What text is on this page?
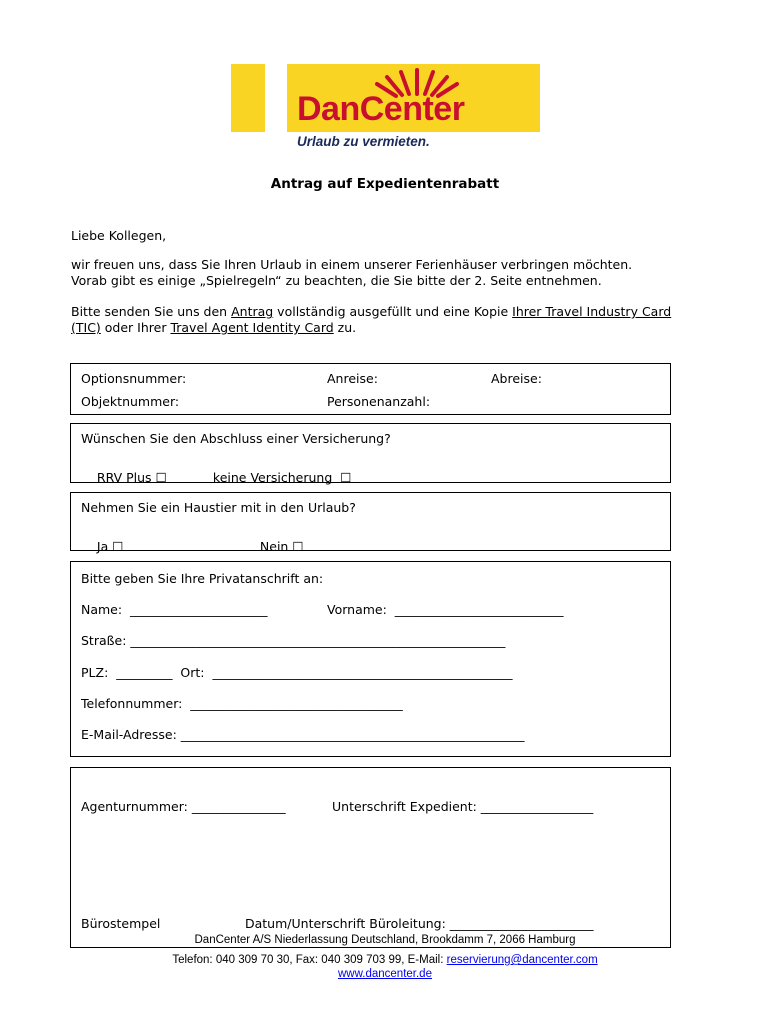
DanCenter
Urlaub zu vermieten.
Antrag auf Expedientenrabatt
Liebe Kollegen,
wir freuen uns, dass Sie Ihren Urlaub in einem unserer Ferienhäuser verbringen möchten.
Vorab gibt es einige „Spielregeln“ zu beachten, die Sie bitte der 2. Seite entnehmen.
Bitte senden Sie uns den Antrag vollständig ausgefüllt und eine Kopie Ihrer Travel Industry Card
(TIC) oder Ihrer Travel Agent Identity Card zu.
Optionsnummer:	Anreise:	Abreise:
Objektnummer:	Personenanzahl:
Wünschen Sie den Abschluss einer Versicherung?

RRV Plus ☐
	keine Versicherung ☐

Nehmen Sie ein Haustier mit in den Urlaub?

Ja ☐
	Nein ☐

Bitte geben Sie Ihre Privatanschrift an:
Name:  ______________________	Vorname:  ___________________________
Straße: ____________________________________________________________
PLZ:  _________  Ort:  ________________________________________________
Telefonnummer:  __________________________________
E-Mail-Adresse: _______________________________________________________
Agenturnummer: _______________	Unterschrift Expedient: __________________
Bürostempel	Datum/Unterschrift Büroleitung: _______________________
DanCenter A/S Niederlassung Deutschland, Brookdamm 7, 2066 Hamburg
Telefon: 040 309 70 30, Fax: 040 309 703 99, E-Mail: reservierung@dancenter.com
www.dancenter.de
